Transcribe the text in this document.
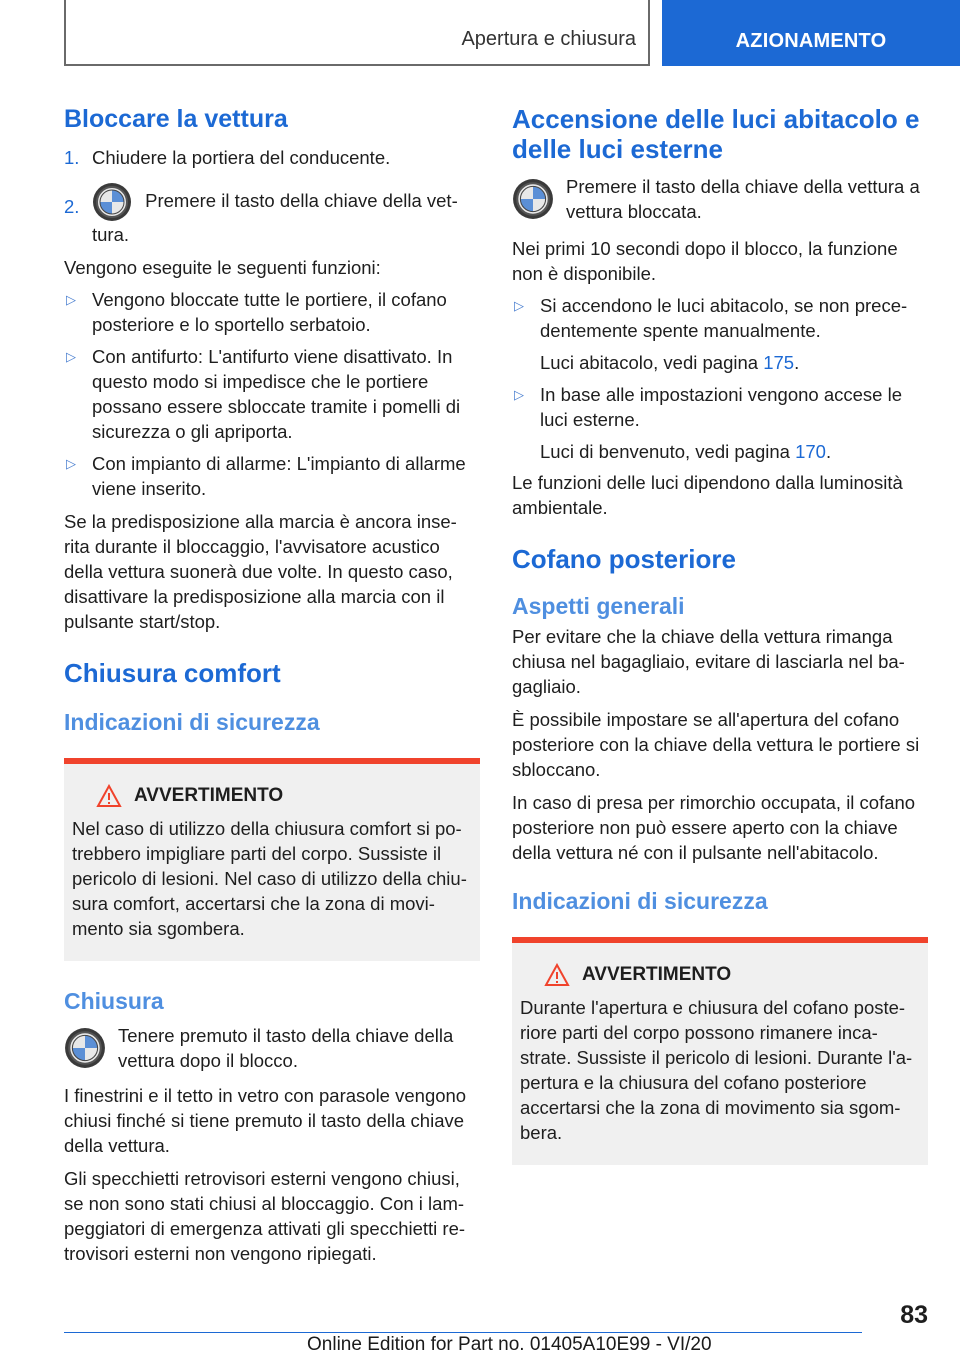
Apertura e chiusura	AZIONAMENTO
Bloccare la vettura
1. Chiudere la portiera del conducente.
2.	Premere il tasto della chiave della vet‐
tura.

Vengono eseguite le seguenti funzioni:

▷ Vengono bloccate tutte le portiere, il cofano posteriore e lo sportello serbatoio.
▷ Con antifurto: L'antifurto viene disattivato. In questo modo si impedisce che le portiere possano essere sbloccate tramite i pomelli di sicurezza o gli apriporta.
▷ Con impianto di allarme: L'impianto di allarme viene inserito.

Se la predisposizione alla marcia è ancora inse‐rita durante il bloccaggio, l'avvisatore acustico della vettura suonerà due volte. In questo caso, disattivare la predisposizione alla marcia con il pulsante start/stop.

Chiusura comfort
Indicazioni di sicurezza
AVVERTIMENTO

Nel caso di utilizzo della chiusura comfort si po‐trebbero impigliare parti del corpo. Sussiste il pericolo di lesioni. Nel caso di utilizzo della chiu‐sura comfort, accertarsi che la zona di movi‐mento sia sgombera.

Chiusura

Tenere premuto il tasto della chiave della vettura dopo il blocco.

I finestrini e il tetto in vetro con parasole vengono chiusi finché si tiene premuto il tasto della chiave della vettura.

Gli specchietti retrovisori esterni vengono chiusi, se non sono stati chiusi al bloccaggio. Con i lam‐peggiatori di emergenza attivati gli specchietti re‐trovisori esterni non vengono ripiegati.

Accensione delle luci abitacolo e delle luci esterne

Premere il tasto della chiave della vettura a vettura bloccata.

Nei primi 10 secondi dopo il blocco, la funzione non è disponibile.

▷ Si accendono le luci abitacolo, se non prece‐dentemente spente manualmente.

Luci abitacolo, vedi pagina 175.

▷ In base alle impostazioni vengono accese le luci esterne.

Luci di benvenuto, vedi pagina 170.

Le funzioni delle luci dipendono dalla luminosità ambientale.

Cofano posteriore
Aspetti generali

Per evitare che la chiave della vettura rimanga chiusa nel bagagliaio, evitare di lasciarla nel ba‐gagliaio.

È possibile impostare se all'apertura del cofano posteriore con la chiave della vettura le portiere si sbloccano.

In caso di presa per rimorchio occupata, il cofano posteriore non può essere aperto con la chiave della vettura né con il pulsante nell'abitacolo.

Indicazioni di sicurezza
AVVERTIMENTO

Durante l'apertura e chiusura del cofano poste‐riore parti del corpo possono rimanere inca‐strate. Sussiste il pericolo di lesioni. Durante l'a‐pertura e la chiusura del cofano posteriore accertarsi che la zona di movimento sia sgom‐bera.

83
Online Edition for Part no. 01405A10E99 - VI/20
